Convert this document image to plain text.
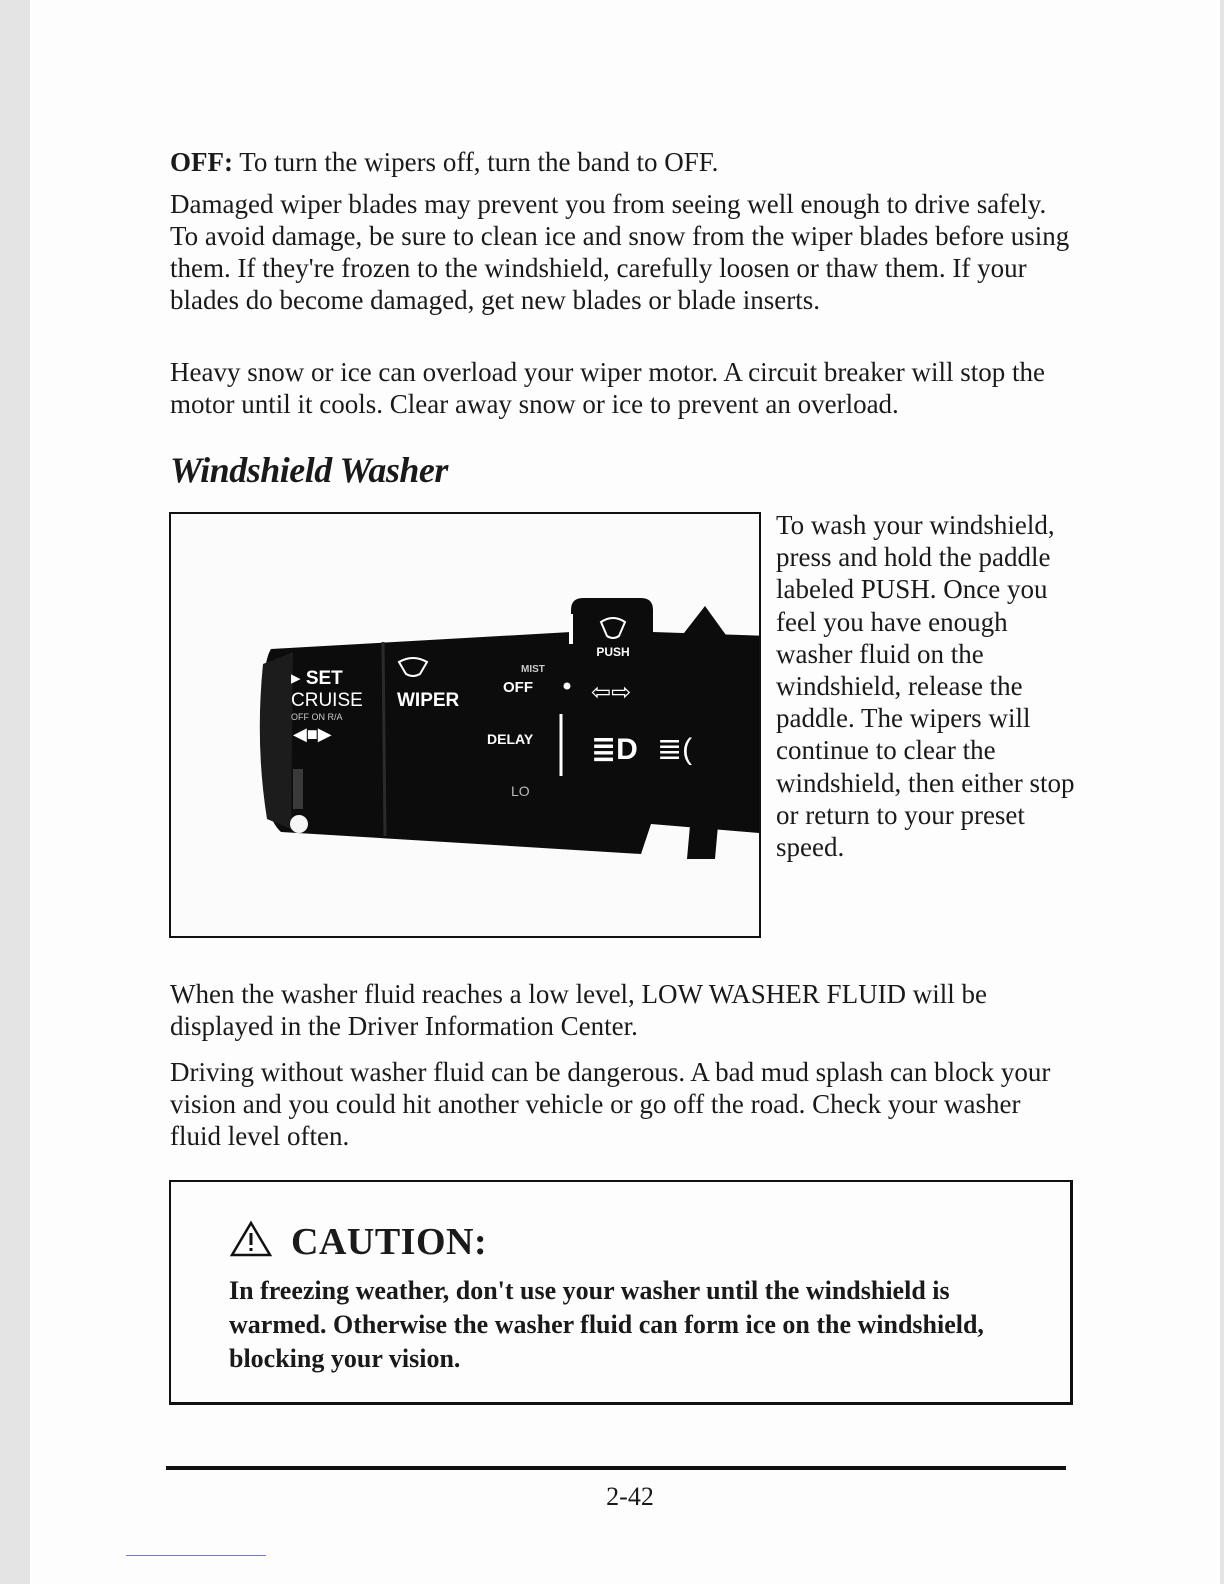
OFF: To turn the wipers off, turn the band to OFF.

Damaged wiper blades may prevent you from seeing well enough to drive safely. To avoid damage, be sure to clean ice and snow from the wiper blades before using them. If they're frozen to the windshield, carefully loosen or thaw them. If your blades do become damaged, get new blades or blade inserts.

Heavy snow or ice can overload your wiper motor. A circuit breaker will stop the motor until it cools. Clear away snow or ice to prevent an overload.

Windshield Washer
PUSH
▸ SET
CRUISE
OFF ON R/A
◀■▶
WIPER
MIST
OFF
DELAY
LO
⇦⇨
≣D ≣(

To wash your windshield, press and hold the paddle labeled PUSH. Once you feel you have enough washer fluid on the windshield, release the paddle. The wipers will continue to clear the windshield, then either stop or return to your preset speed.

When the washer fluid reaches a low level, LOW WASHER FLUID will be displayed in the Driver Information Center.

Driving without washer fluid can be dangerous. A bad mud splash can block your vision and you could hit another vehicle or go off the road. Check your washer fluid level often.

CAUTION:

In freezing weather, don't use your washer until the windshield is warmed. Otherwise the washer fluid can form ice on the windshield, blocking your vision.

2-42
